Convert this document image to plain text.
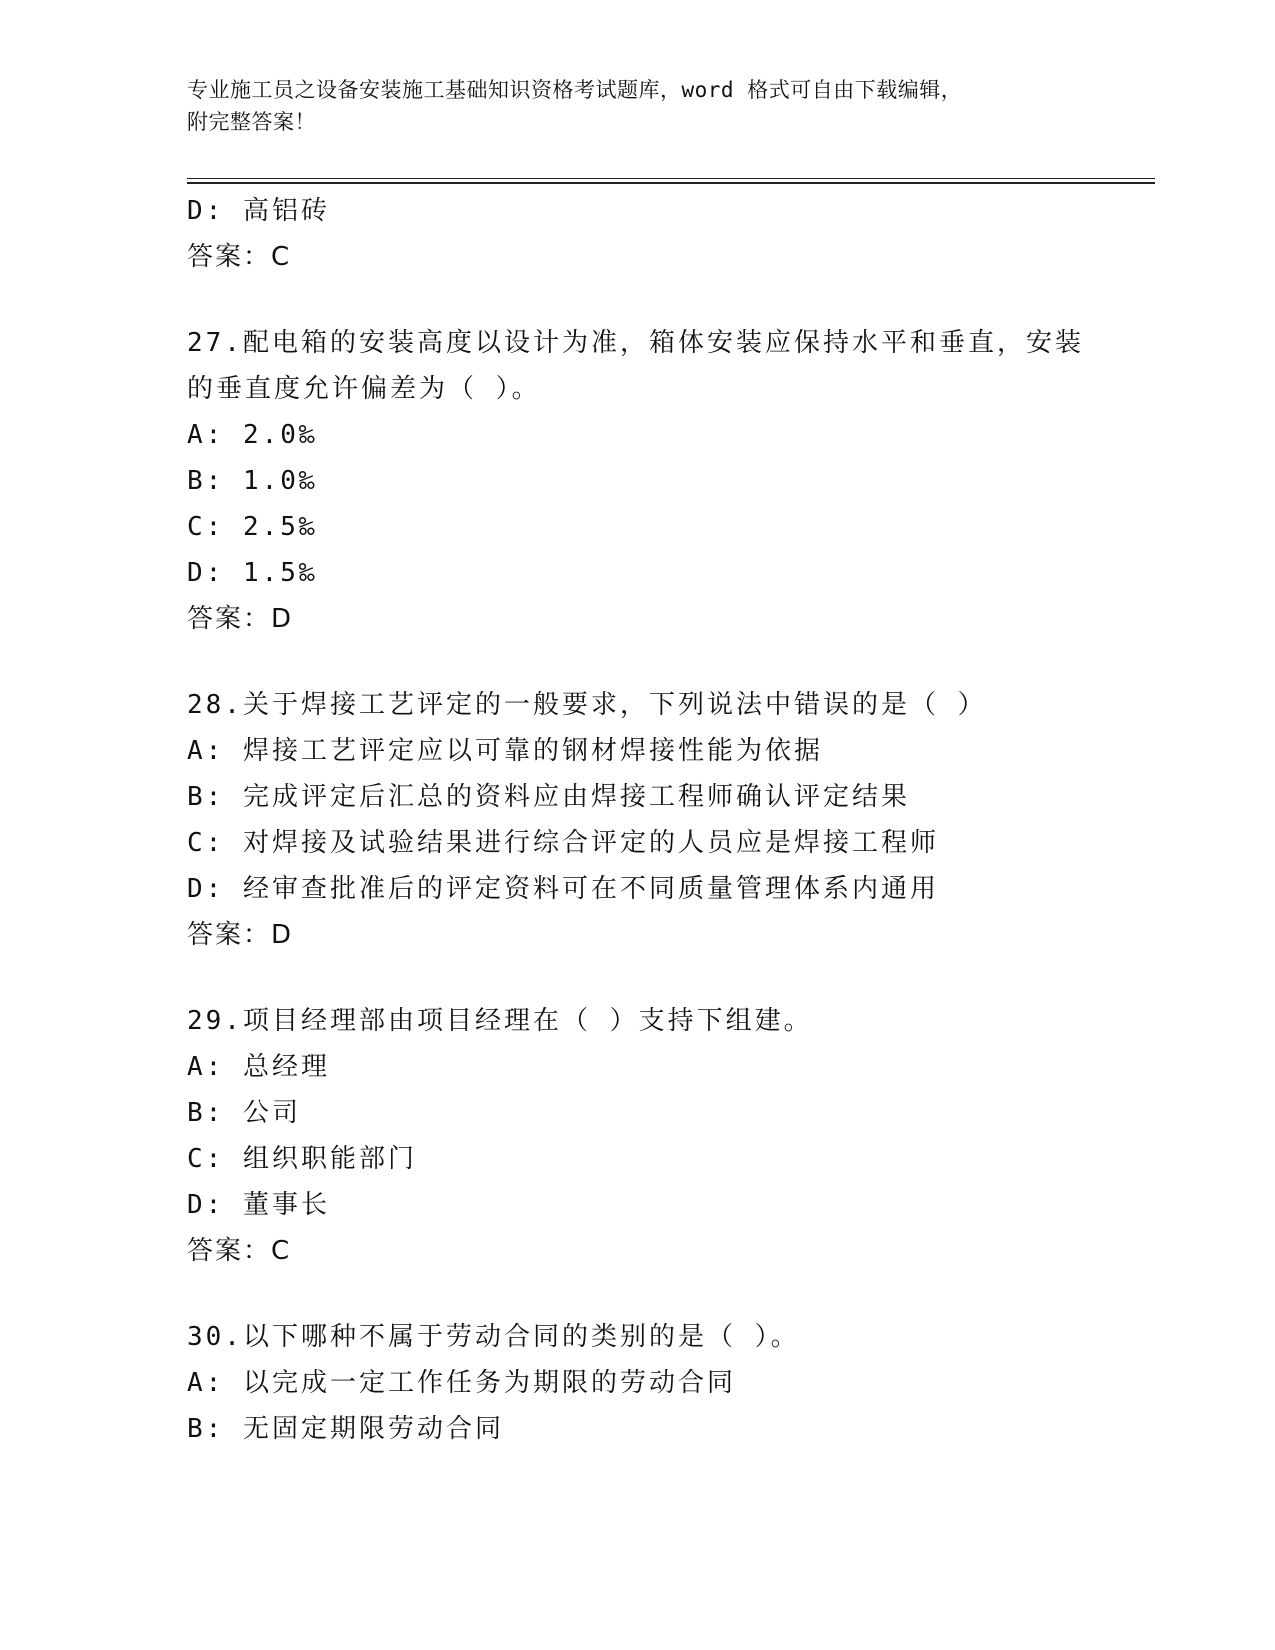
专业施工员之设备安装施工基础知识资格考试题库，word 格式可自由下载编辑，
附完整答案！
D: 高铝砖
答案：C
27.配电箱的安装高度以设计为准，箱体安装应保持水平和垂直，安装
的垂直度允许偏差为（ ）。
A: 2.0‰
B: 1.0‰
C: 2.5‰
D: 1.5‰
答案：D
28.关于焊接工艺评定的一般要求，下列说法中错误的是（ ）
A: 焊接工艺评定应以可靠的钢材焊接性能为依据
B: 完成评定后汇总的资料应由焊接工程师确认评定结果
C: 对焊接及试验结果进行综合评定的人员应是焊接工程师
D: 经审查批准后的评定资料可在不同质量管理体系内通用
答案：D
29.项目经理部由项目经理在（ ）支持下组建。
A: 总经理
B: 公司
C: 组织职能部门
D: 董事长
答案：C
30.以下哪种不属于劳动合同的类别的是（ ）。
A: 以完成一定工作任务为期限的劳动合同
B: 无固定期限劳动合同
